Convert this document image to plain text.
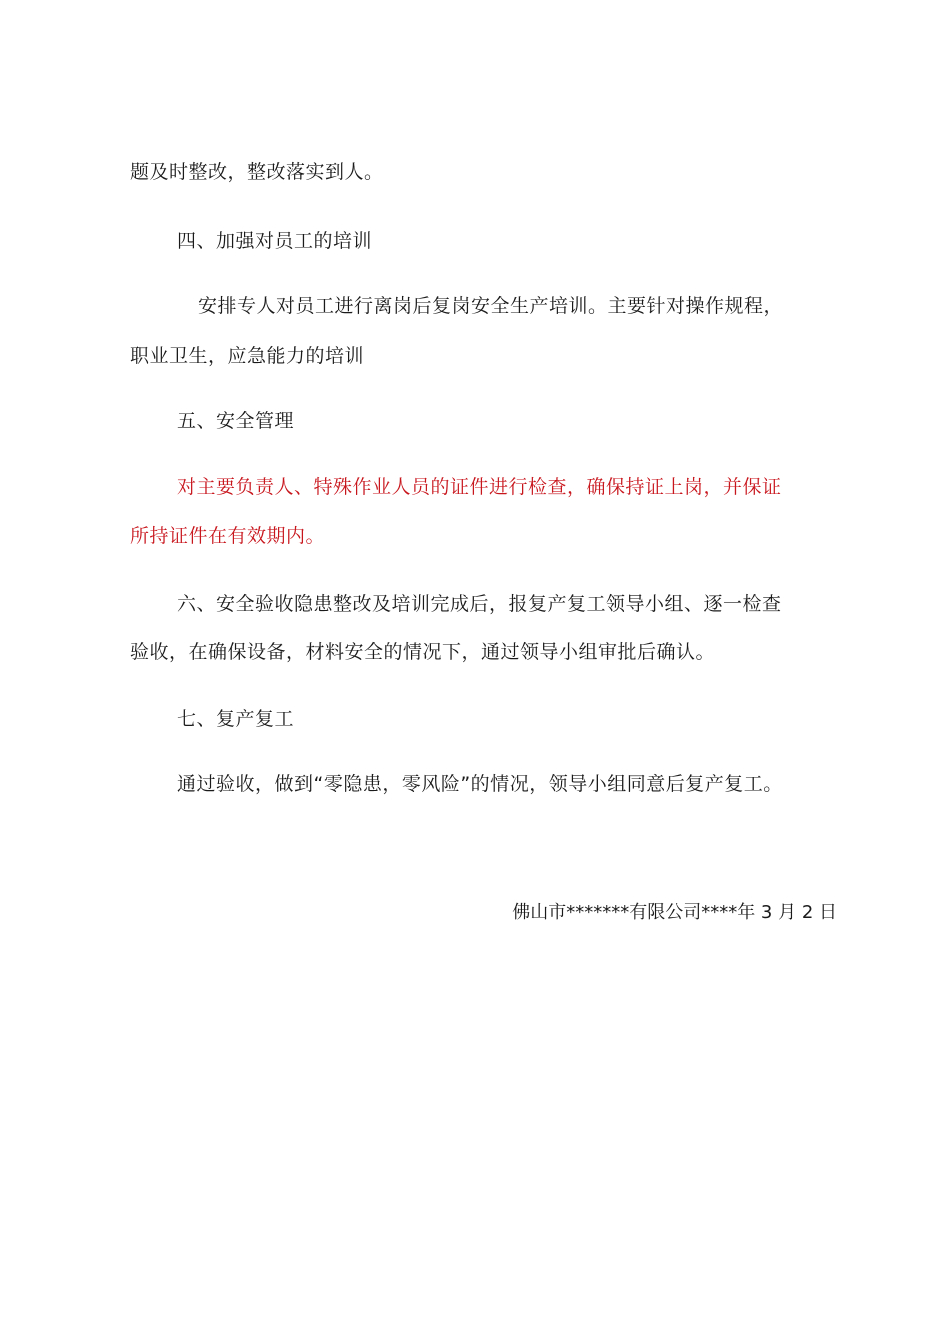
题及时整改，整改落实到人。
四、加强对员工的培训
安排专人对员工进行离岗后复岗安全生产培训。主要针对操作规程，
职业卫生，应急能力的培训
五、安全管理
对主要负责人、特殊作业人员的证件进行检查，确保持证上岗，并保证
所持证件在有效期内。
六、安全验收隐患整改及培训完成后，报复产复工领导小组、逐一检查
验收，在确保设备，材料安全的情况下，通过领导小组审批后确认。
七、复产复工
通过验收，做到“零隐患，零风险”的情况，领导小组同意后复产复工。
佛山市*******有限公司****年 3 月 2 日
